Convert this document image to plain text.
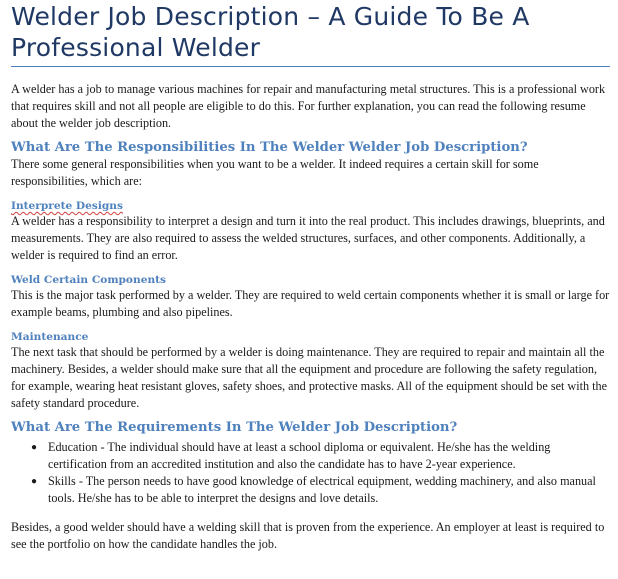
Welder Job Description – A Guide To Be A Professional Welder

A welder has a job to manage various machines for repair and manufacturing metal structures. This is a professional work that requires skill and not all people are eligible to do this. For further explanation, you can read the following resume about the welder job description.

What Are The Responsibilities In The Welder Welder Job Description?

There some general responsibilities when you want to be a welder. It indeed requires a certain skill for some responsibilities, which are:

Interprete Designs

A welder has a responsibility to interpret a design and turn it into the real product. This includes drawings, blueprints, and measurements. They are also required to assess the welded structures, surfaces, and other components. Additionally, a welder is required to find an error.

Weld Certain Components

This is the major task performed by a welder. They are required to weld certain components whether it is small or large for example beams, plumbing and also pipelines.

Maintenance

The next task that should be performed by a welder is doing maintenance. They are required to repair and maintain all the machinery. Besides, a welder should make sure that all the equipment and procedure are following the safety regulation, for example, wearing heat resistant gloves, safety shoes, and protective masks. All of the equipment should be set with the safety standard procedure.

What Are The Requirements In The Welder Job Description?
● Education - The individual should have at least a school diploma or equivalent. He/she has the welding certification from an accredited institution and also the candidate has to have 2-year experience.
● Skills - The person needs to have good knowledge of electrical equipment, wedding machinery, and also manual tools. He/she has to be able to interpret the designs and love details.

Besides, a good welder should have a welding skill that is proven from the experience. An employer at least is required to see the portfolio on how the candidate handles the job.
